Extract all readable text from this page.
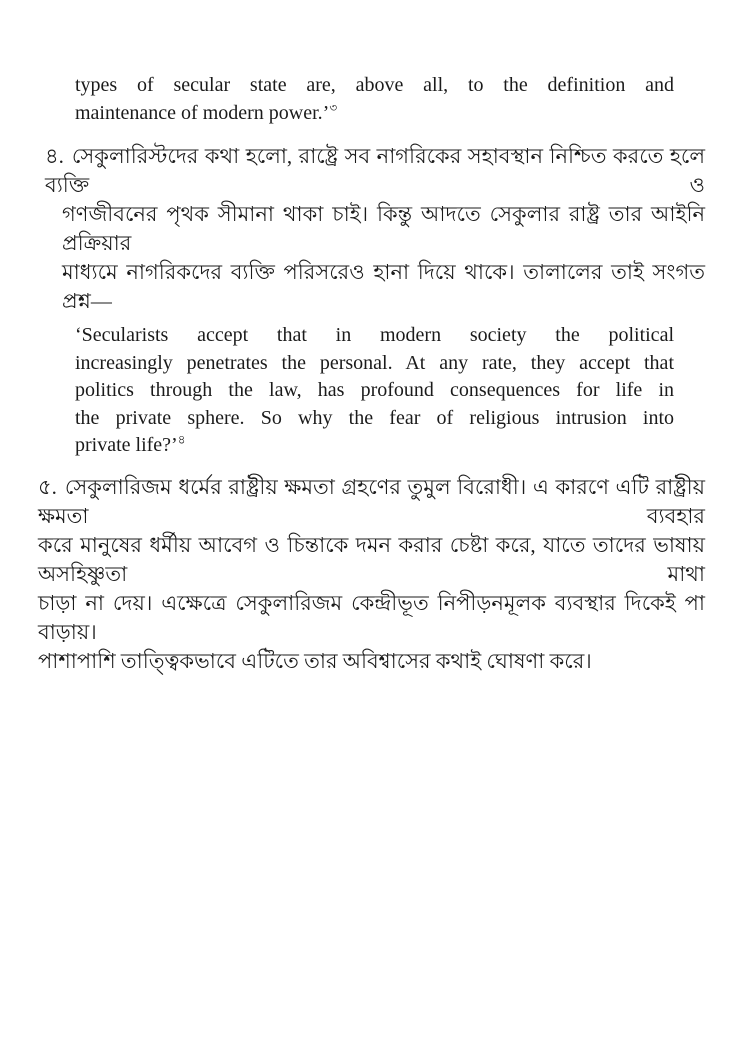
types of secular state are, above all, to the definition and
maintenance of modern power.’$^৩$
৪. সেকুলারিস্টদের কথা হলো, রাষ্ট্রে সব নাগরিকের সহাবস্থান নিশ্চিত করতে হলে ব্যক্তি ও
গণজীবনের পৃথক সীমানা থাকা চাই। কিন্তু আদতে সেকুলার রাষ্ট্র তার আইনি প্রক্রিয়ার
মাধ্যমে নাগরিকদের ব্যক্তি পরিসরেও হানা দিয়ে থাকে। তালালের তাই সংগত প্রশ্ন—
‘Secularists accept that in modern society the political
increasingly penetrates the personal. At any rate, they accept that
politics through the law, has profound consequences for life in
the private sphere. So why the fear of religious intrusion into
private life?’$^৪$
৫. সেকুলারিজম ধর্মের রাষ্ট্রীয় ক্ষমতা গ্রহণের তুমুল বিরোধী। এ কারণে এটি রাষ্ট্রীয় ক্ষমতা ব্যবহার
করে মানুষের ধর্মীয় আবেগ ও চিন্তাকে দমন করার চেষ্টা করে, যাতে তাদের ভাষায় অসহিষ্ণুতা মাথা
চাড়া না দেয়। এক্ষেত্রে সেকুলারিজম কেন্দ্রীভূত নিপীড়নমূলক ব্যবস্থার দিকেই পা বাড়ায়।
পাশাপাশি তাত্ত্বিকভাবে এটিতে তার অবিশ্বাসের কথাই ঘোষণা করে।
